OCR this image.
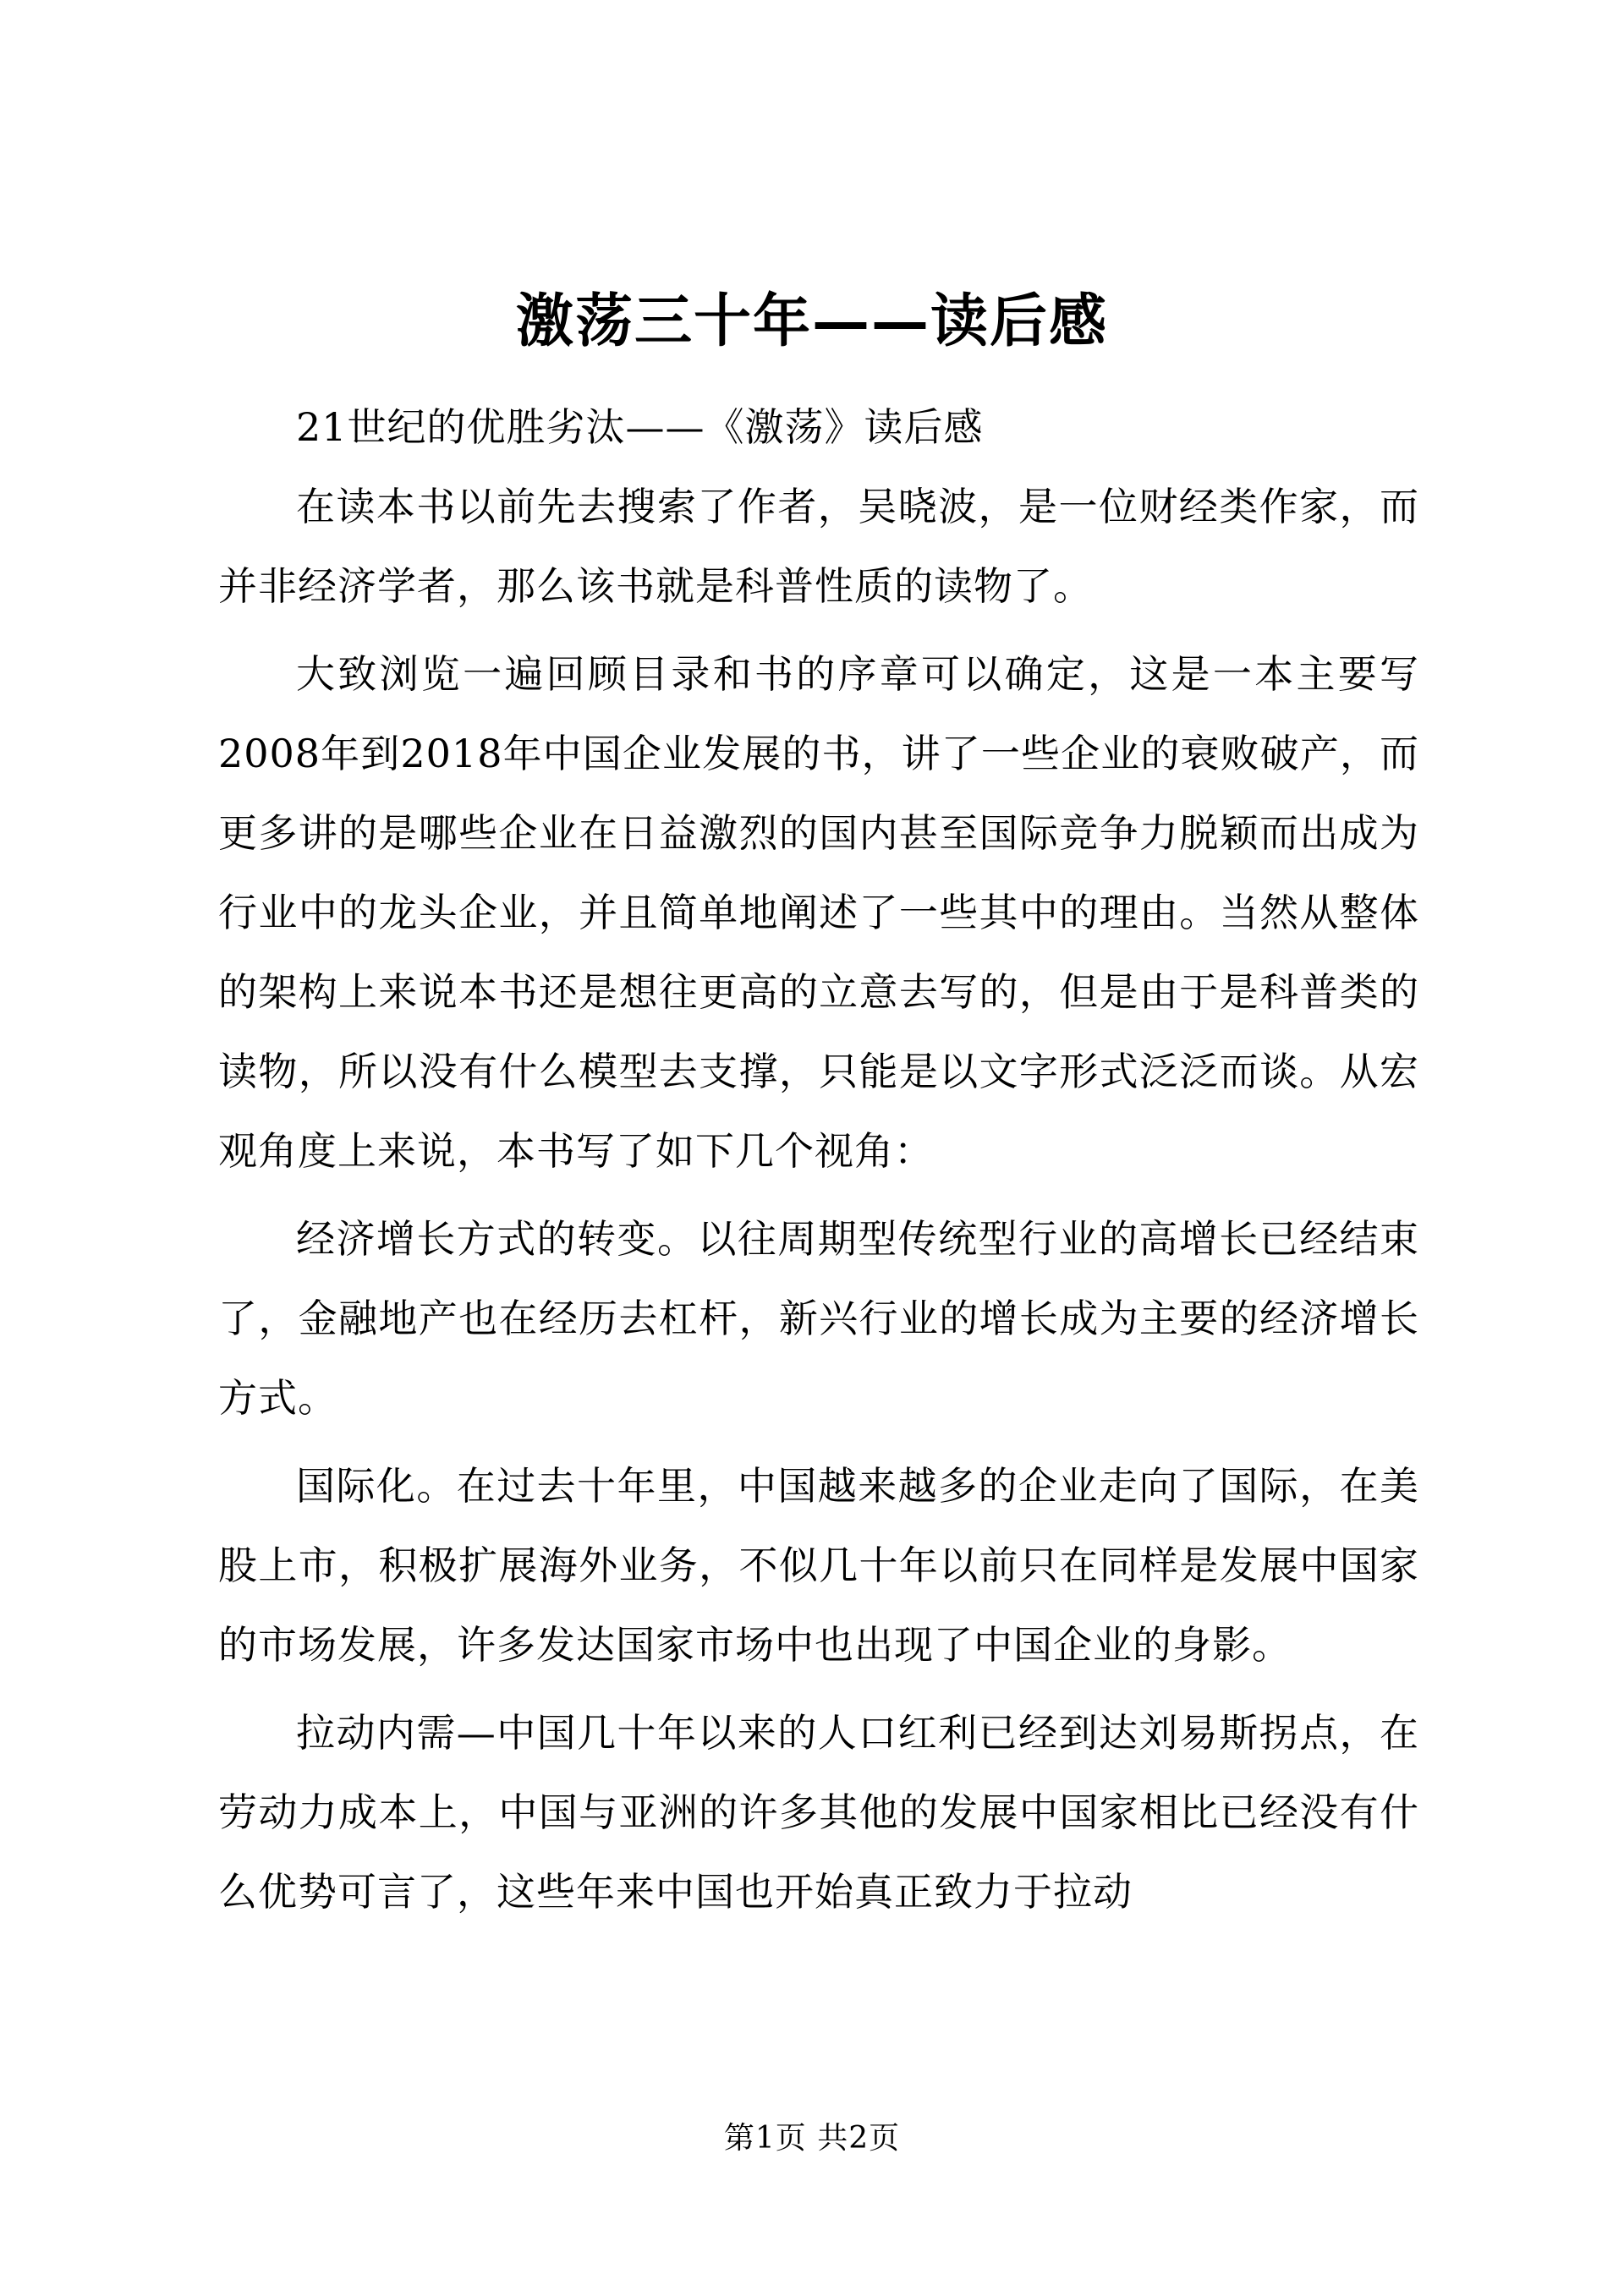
激荡三十年——读后感

21世纪的优胜劣汰——《激荡》读后感

在读本书以前先去搜索了作者，吴晓波，是一位财经类作家，而并非经济学者，那么该书就是科普性质的读物了。

大致浏览一遍回顾目录和书的序章可以确定，这是一本主要写2008年到2018年中国企业发展的书，讲了一些企业的衰败破产，而更多讲的是哪些企业在日益激烈的国内甚至国际竞争力脱颖而出成为行业中的龙头企业，并且简单地阐述了一些其中的理由。当然从整体的架构上来说本书还是想往更高的立意去写的，但是由于是科普类的读物，所以没有什么模型去支撑，只能是以文字形式泛泛而谈。从宏观角度上来说，本书写了如下几个视角：

经济增长方式的转变。以往周期型传统型行业的高增长已经结束了，金融地产也在经历去杠杆，新兴行业的增长成为主要的经济增长方式。

国际化。在过去十年里，中国越来越多的企业走向了国际，在美股上市，积极扩展海外业务，不似几十年以前只在同样是发展中国家的市场发展，许多发达国家市场中也出现了中国企业的身影。

拉动内需—中国几十年以来的人口红利已经到达刘易斯拐点，在劳动力成本上，中国与亚洲的许多其他的发展中国家相比已经没有什么优势可言了，这些年来中国也开始真正致力于拉动

第1页 共2页
